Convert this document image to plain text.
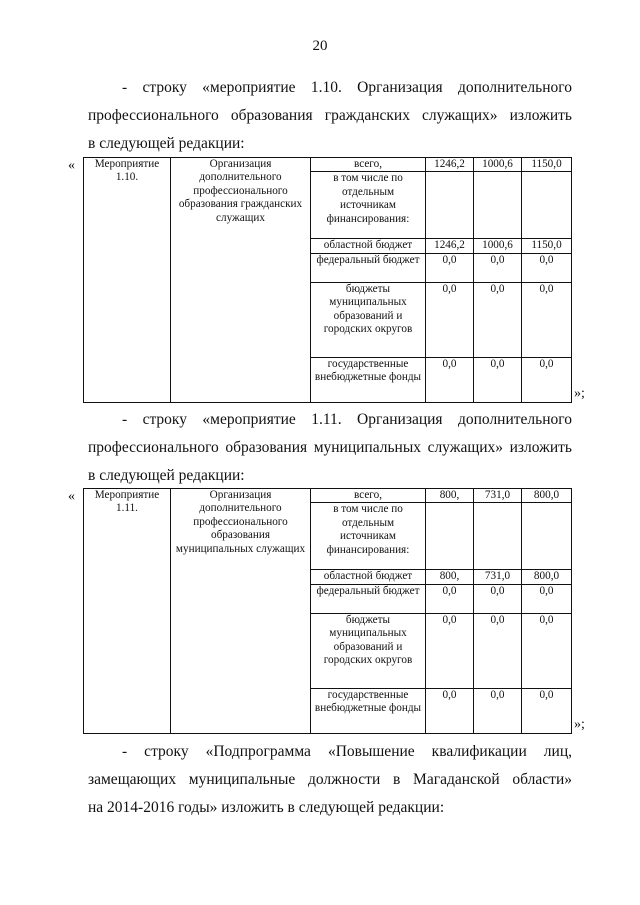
20
- строку «мероприятие 1.10. Организация дополнительного
профессионального образования гражданских служащих» изложить
в следующей редакции:
« Мероприятие 1.10.	Организация дополнительного профессионального образования гражданских служащих	всего,	1246,2	1000,6	1150,0
		в том числе по отдельным источникам финансирования:			
		областной бюджет	1246,2	1000,6	1150,0
		федеральный бюджет	0,0	0,0	0,0
		бюджеты муниципальных образований и городских округов	0,0	0,0	0,0
		государственные внебюджетные фонды	0,0	0,0	0,0
»;
- строку «мероприятие 1.11. Организация дополнительного
профессионального образования муниципальных служащих» изложить
в следующей редакции:
« Мероприятие 1.11.	Организация дополнительного профессионального образования муниципальных служащих	всего,	800,	731,0	800,0
		в том числе по отдельным источникам финансирования:			
		областной бюджет	800,	731,0	800,0
		федеральный бюджет	0,0	0,0	0,0
		бюджеты муниципальных образований и городских округов	0,0	0,0	0,0
		государственные внебюджетные фонды	0,0	0,0	0,0
»;
- строку «Подпрограмма «Повышение квалификации лиц,
замещающих муниципальные должности в Магаданской области»
на 2014-2016 годы» изложить в следующей редакции:
